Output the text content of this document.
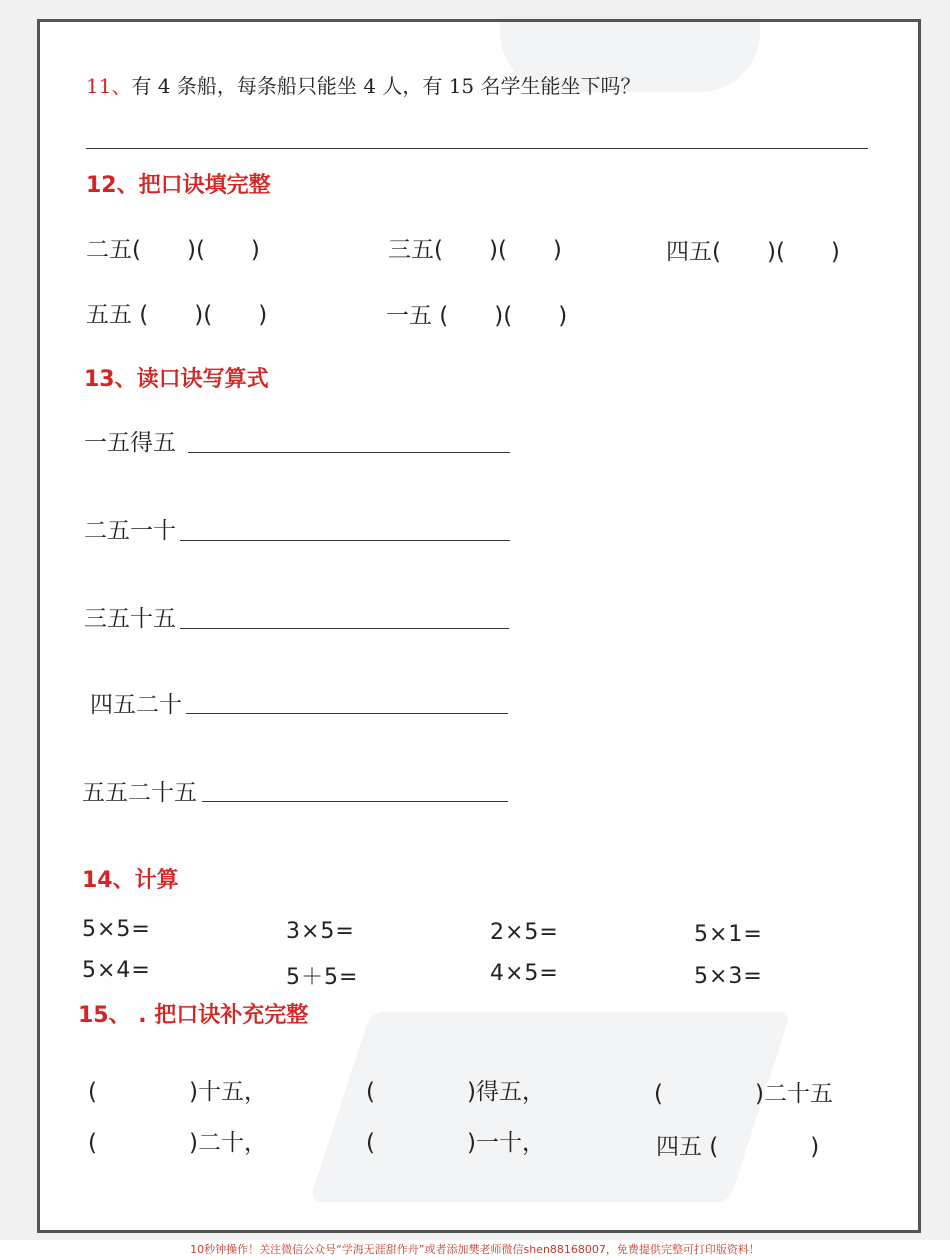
11、有 4 条船，每条船只能坐 4 人，有 15 名学生能坐下吗？
12、把口诀填完整
二五(　　)(　　)	三五(　　)(　　)	四五(　　)(　　)
五五 (　　)(　　)	一五 (　　)(　　)
13、读口诀写算式
一五得五
二五一十
三五十五
四五二十
五五二十五
14、计算
5×5=	3×5=	2×5=	5×1=
5×4=	5＋5=	4×5=	5×3=
15、 . 把口诀补充完整
(　　　　)十五，	(　　　　)得五，	(　　　　)二十五
(　　　　)二十，	(　　　　)一十，	四五 (　　　　)
10秒钟操作！关注微信公众号“学海无涯甜作舟”或者添加樊老师微信shen88168007，免费提供完整可打印版资料！
